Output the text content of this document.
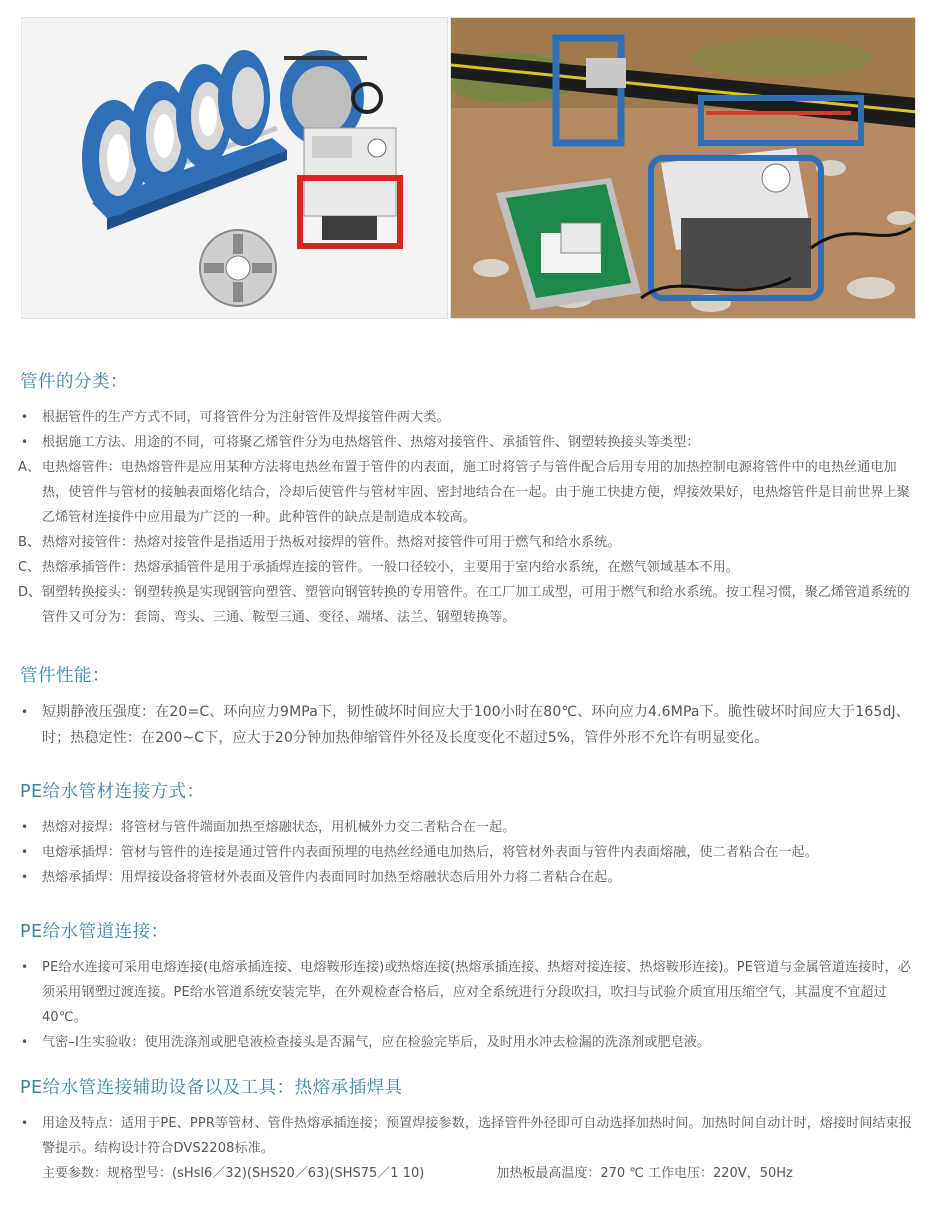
管件的分类：

•	根据管件的生产方式不同，可将管件分为注射管件及焊接管件两大类。

•	根据施工方法、用途的不同，可将聚乙烯管件分为电热熔管件、热熔对接管件、承插管件、钢塑转换接头等类型：

A、 电热熔管件：电热熔管件是应用某种方法将电热丝布置于管件的内表面，施工时将管子与管件配合后用专用的加热控制电源将管件中的电热丝通电加热，使管件与管材的接触表面熔化结合，冷却后使管件与管材牢固、密封地结合在一起。由于施工快捷方便，焊接效果好，电热熔管件是目前世界上聚乙烯管材连接件中应用最为广泛的一种。此种管件的缺点是制造成本较高。

B、 热熔对接管件：热熔对接管件是指适用于热板对接焊的管件。热熔对接管件可用于燃气和给水系统。

C、 热熔承插管件：热熔承插管件是用于承插焊连接的管件。一般口径较小，主要用于室内给水系统，在燃气领域基本不用。

D、 钢塑转换接头：钢塑转换是实现钢管向塑管、塑管向钢管转换的专用管件。在工厂加工成型，可用于燃气和给水系统。按工程习惯，聚乙烯管道系统的管件又可分为：套筒、弯头、三通、鞍型三通、变径、端堵、法兰、钢塑转换等。

管件性能：

• 短期静液压强度：在20=C、环向应力9MPa下，韧性破坏时间应大于100小时在80℃、环向应力4.6MPa下。脆性破坏时间应大于165dJ、时；热稳定性：在200~C下，应大于20分钟加热伸缩管件外径及长度变化不超过5%，管件外形不允许有明显变化。

PE给水管材连接方式：

•	热熔对接焊：将管材与管件端面加热至熔融状态，用机械外力交二者粘合在一起。

•	电熔承插焊：管材与管件的连接是通过管件内表面预埋的电热丝经通电加热后，将管材外表面与管件内表面熔融，使二者粘合在一起。

•	热熔承插焊：用焊接设备将管材外表面及管件内表面同时加热至熔融状态后用外力将二者粘合在起。

PE给水管道连接：

•	PE给水连接可采用电熔连接(电熔承插连接、电熔鞍形连接)或热熔连接(热熔承插连接、热熔对接连接、热熔鞍形连接)。PE管道与金属管道连接时，必须采用钢塑过渡连接。PE给水管道系统安装完毕，在外观检查合格后，应对全系统进行分段吹扫，吹扫与试验介质宜用压缩空气，其温度不宜超过40℃。

•	气密–I生实验收：使用洗涤剂或肥皂液检查接头是否漏气，应在检验完毕后，及时用水冲去检漏的洗涤剂或肥皂液。

PE给水管连接辅助设备以及工具：热熔承插焊具

•	用途及特点：适用于PE、PPR等管材、管件热熔承插连接；预置焊接参数，选择管件外径即可自动选择加热时间。加热时间自动计时，熔接时间结束报警提示。结构设计符合DVS2208标准。

主要参数：规格型号：(sHsl6／32)(SHS20／63)(SHS75／1 10)	加热板最高温度：270 ℃ 工作电压：220V，50Hz
